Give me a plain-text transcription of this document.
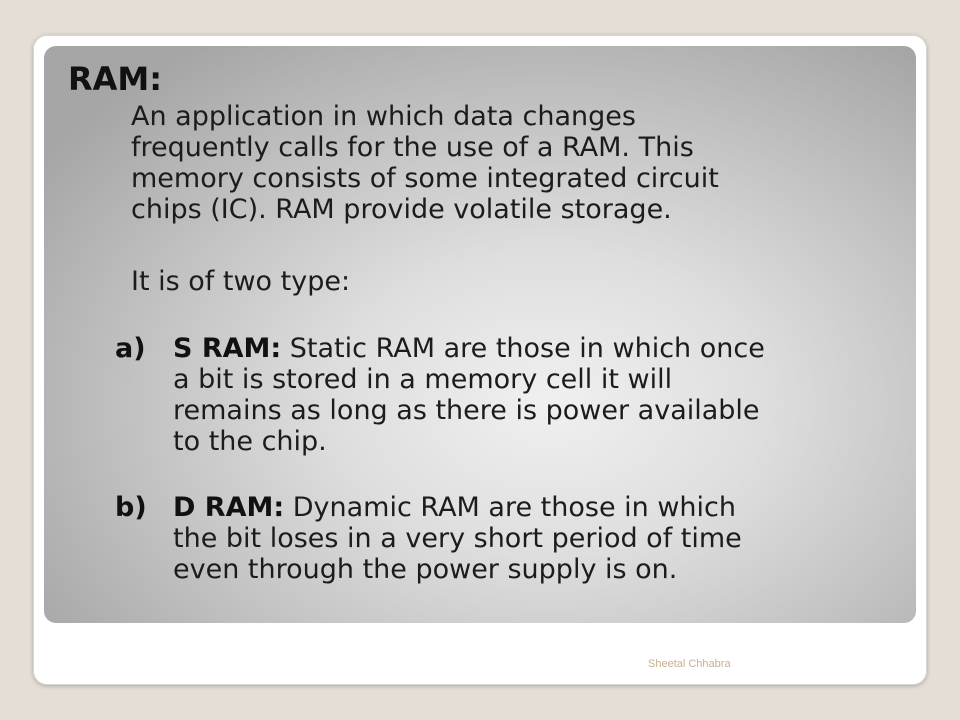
RAM:

An application in which data changes

frequently calls for the use of a RAM. This

memory consists of some integrated circuit

chips (IC). RAM provide volatile storage.

It is of two type:
a) S RAM: Static RAM are those in which once
a bit is stored in a memory cell it will
remains as long as there is power available
to the chip.
b) D RAM: Dynamic RAM are those in which
the bit loses in a very short period of time
even through the power supply is on.
Sheetal Chhabra
